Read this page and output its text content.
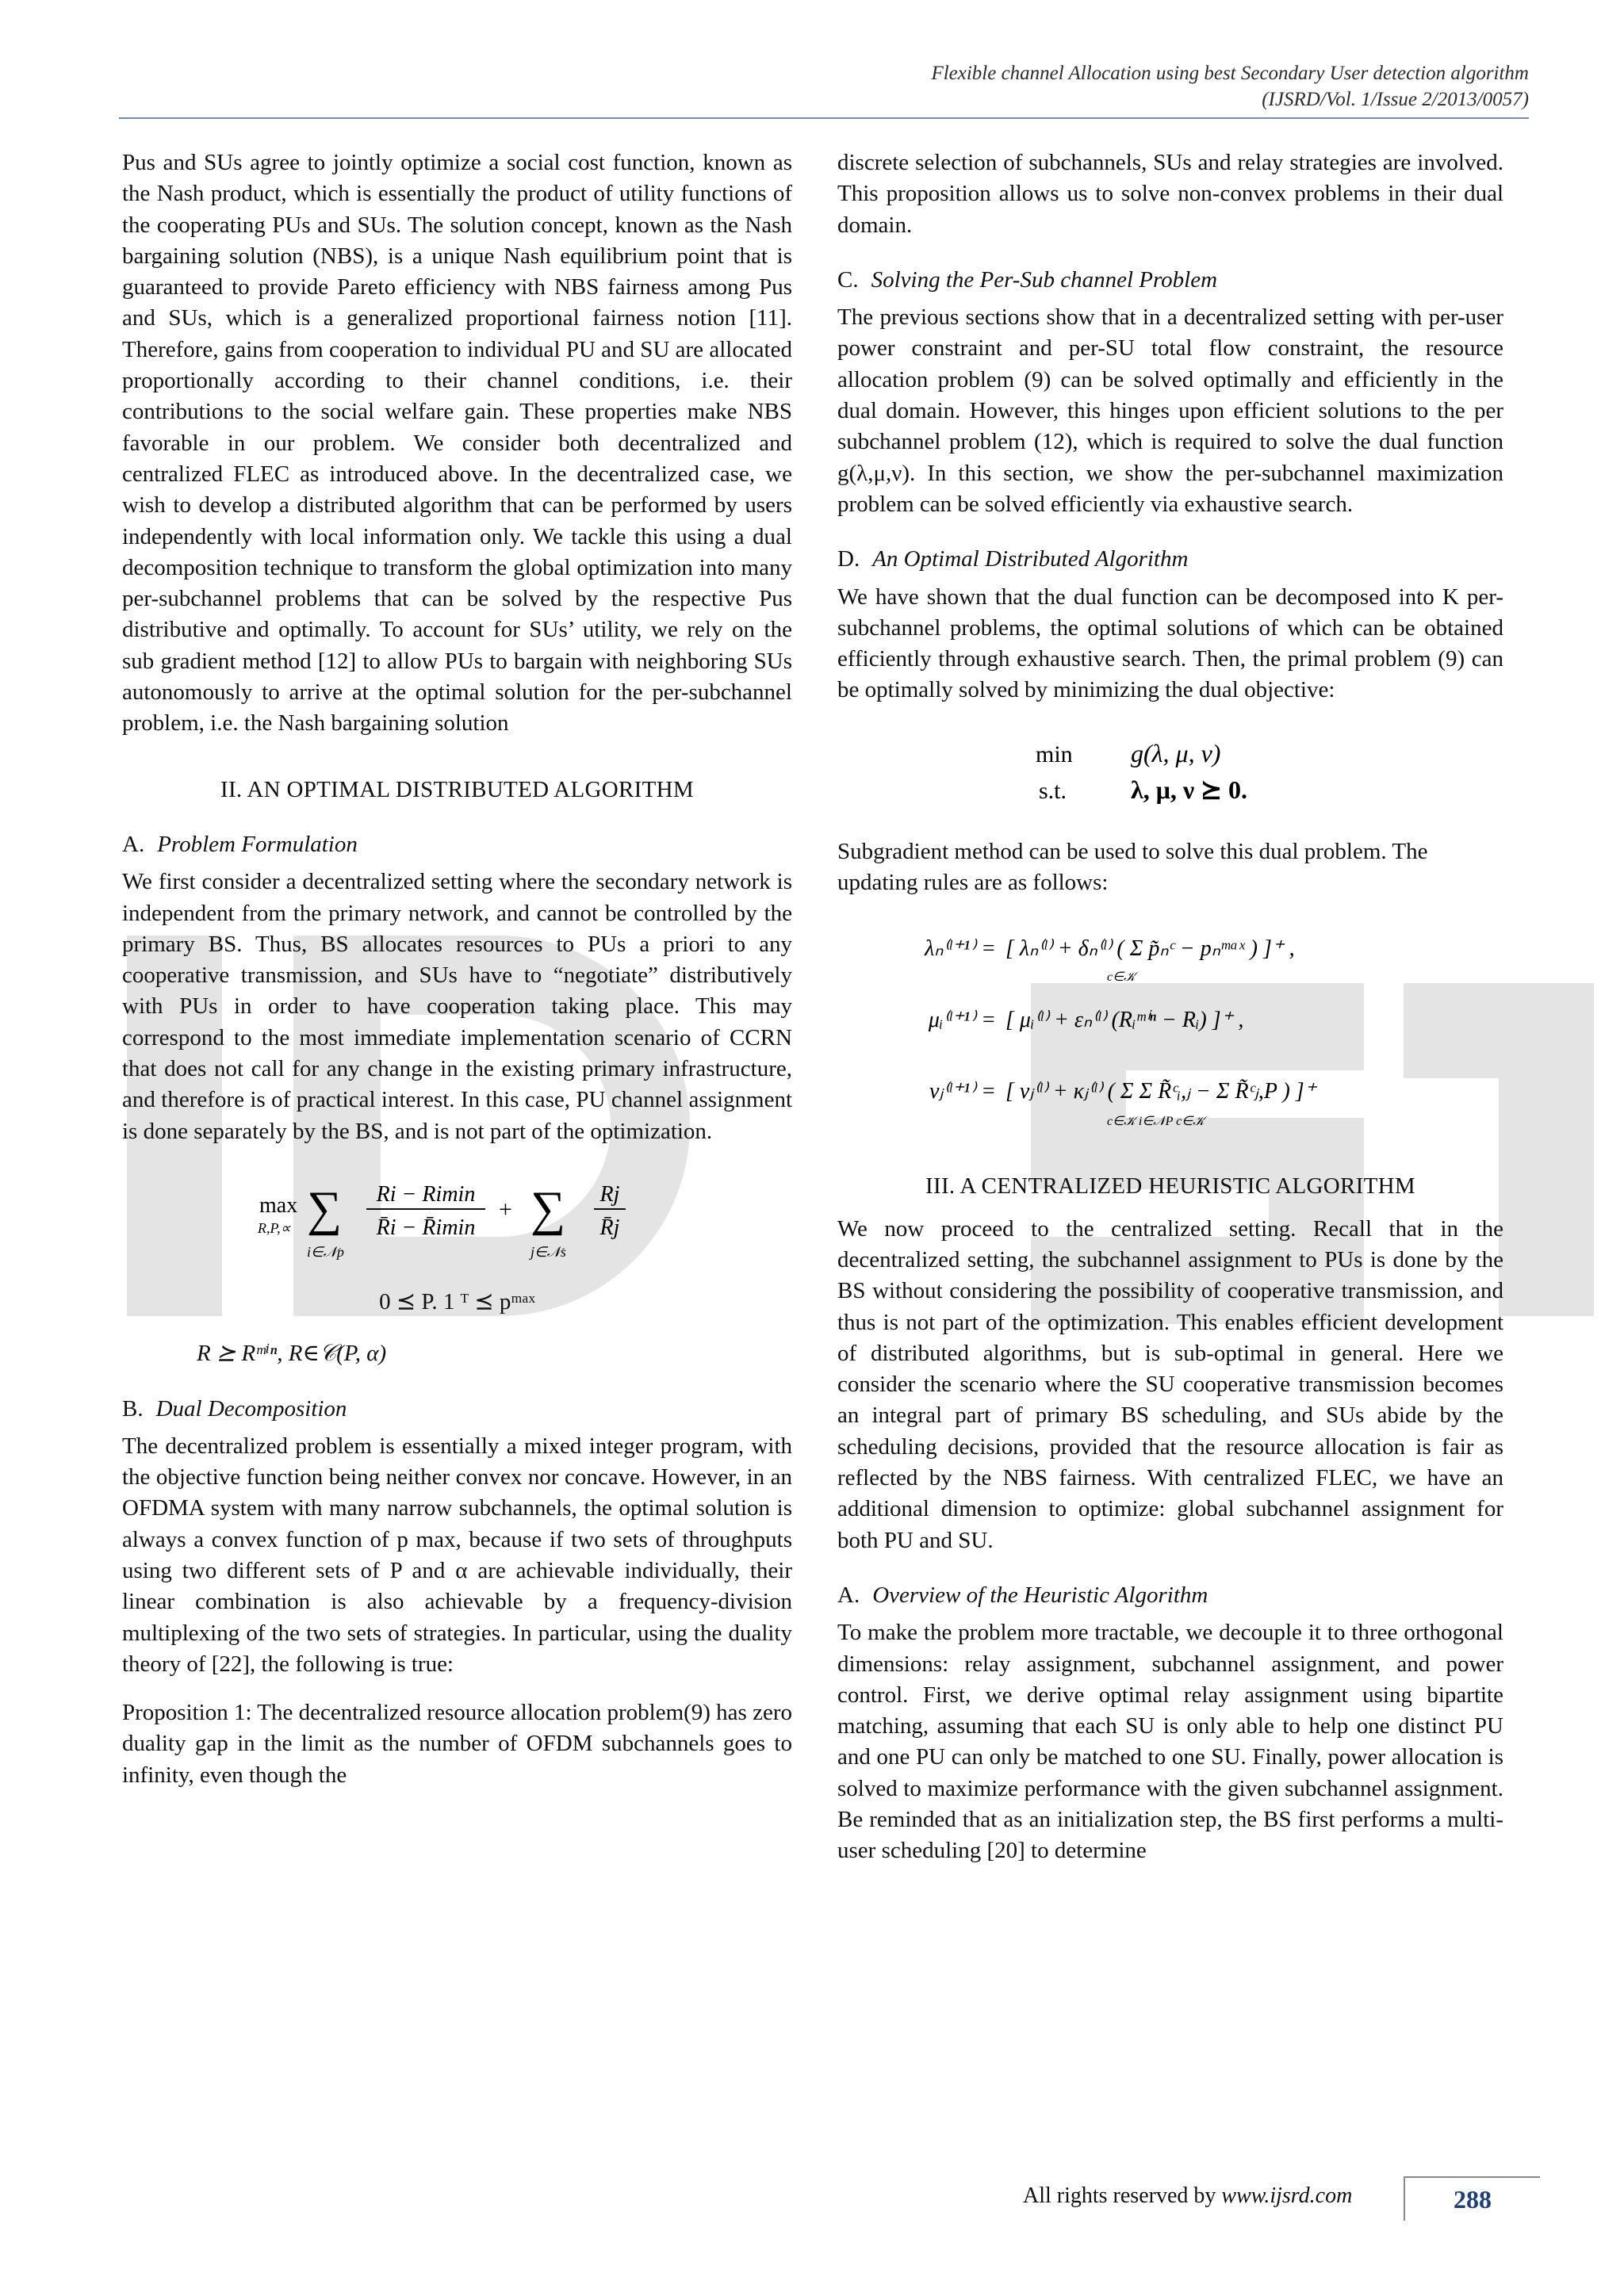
Flexible channel Allocation using best Secondary User detection algorithm
(IJSRD/Vol. 1/Issue 2/2013/0057)

Pus and SUs agree to jointly optimize a social cost function, known as the Nash product, which is essentially the product of utility functions of the cooperating PUs and SUs. The solution concept, known as the Nash bargaining solution (NBS), is a unique Nash equilibrium point that is guaranteed to provide Pareto efficiency with NBS fairness among Pus and SUs, which is a generalized proportional fairness notion [11]. Therefore, gains from cooperation to individual PU and SU are allocated proportionally according to their channel conditions, i.e. their contributions to the social welfare gain. These properties make NBS favorable in our problem. We consider both decentralized and centralized FLEC as introduced above. In the decentralized case, we wish to develop a distributed algorithm that can be performed by users independently with local information only. We tackle this using a dual decomposition technique to transform the global optimization into many per-subchannel problems that can be solved by the respective Pus distributive and optimally. To account for SUs’ utility, we rely on the sub gradient method [12] to allow PUs to bargain with neighboring SUs autonomously to arrive at the optimal solution for the per-subchannel problem, i.e. the Nash bargaining solution

II. AN OPTIMAL DISTRIBUTED ALGORITHM
A. Problem Formulation

We first consider a decentralized setting where the secondary network is independent from the primary network, and cannot be controlled by the primary BS. Thus, BS allocates resources to PUs a priori to any cooperative transmission, and SUs have to “negotiate” distributively with PUs in order to have cooperation taking place. This may correspond to the most immediate implementation scenario of CCRN that does not call for any change in the existing primary infrastructure, and therefore is of practical interest. In this case, PU channel assignment is done separately by the BS, and is not part of the optimization.

max
R,P,∝ ∑
i∈𝒩p
Ri − Rimin
R̄i − R̄imin
+ ∑
j∈𝒩s
Rj
R̄j
0 ⪯ P. 1 ᵀ ⪯ pᵐᵃˣ
R ⪰ Rᵐⁱⁿ, R∈𝒞(P, α)
B. Dual Decomposition

The decentralized problem is essentially a mixed integer program, with the objective function being neither convex nor concave. However, in an OFDMA system with many narrow subchannels, the optimal solution is always a convex function of p max, because if two sets of throughputs using two different sets of P and α are achievable individually, their linear combination is also achievable by a frequency-division multiplexing of the two sets of strategies. In particular, using the duality theory of [22], the following is true:

Proposition 1: The decentralized resource allocation problem(9) has zero duality gap in the limit as the number of OFDM subchannels goes to infinity, even though the

discrete selection of subchannels, SUs and relay strategies are involved. This proposition allows us to solve non-convex problems in their dual domain.

C. Solving the Per-Sub channel Problem

The previous sections show that in a decentralized setting with per-user power constraint and per-SU total flow constraint, the resource allocation problem (9) can be solved optimally and efficiently in the dual domain. However, this hinges upon efficient solutions to the per subchannel problem (12), which is required to solve the dual function g(λ,μ,ν). In this section, we show the per-subchannel maximization problem can be solved efficiently via exhaustive search.

D. An Optimal Distributed Algorithm

We have shown that the dual function can be decomposed into K per-subchannel problems, the optimal solutions of which can be obtained efficiently through exhaustive search. Then, the primal problem (9) can be optimally solved by minimizing the dual objective:

min g(λ, μ, ν)
s.t.	λ, μ, ν ⪰ 0.

Subgradient method can be used to solve this dual problem. The updating rules are as follows:

λₙ⁽ˡ⁺¹⁾ = [ λₙ⁽ˡ⁾ + δₙ⁽ˡ⁾ ( Σ p̃ₙᶜ − pₙᵐᵃˣ ) ]⁺ ,
c∈𝒦
μᵢ⁽ˡ⁺¹⁾ = [ μᵢ⁽ˡ⁾ + εₙ⁽ˡ⁾ (Rᵢᵐⁱⁿ − Rᵢ) ]⁺ ,
νⱼ⁽ˡ⁺¹⁾ = [ νⱼ⁽ˡ⁾ + κⱼ⁽ˡ⁾ ( Σ Σ R̃ᶜᵢ,ⱼ − Σ R̃ᶜⱼ,P ) ]⁺
c∈𝒦 i∈𝒩P c∈𝒦
III. A CENTRALIZED HEURISTIC ALGORITHM

We now proceed to the centralized setting. Recall that in the decentralized setting, the subchannel assignment to PUs is done by the BS without considering the possibility of cooperative transmission, and thus is not part of the optimization. This enables efficient development of distributed algorithms, but is sub-optimal in general. Here we consider the scenario where the SU cooperative transmission becomes an integral part of primary BS scheduling, and SUs abide by the scheduling decisions, provided that the resource allocation is fair as reflected by the NBS fairness. With centralized FLEC, we have an additional dimension to optimize: global subchannel assignment for both PU and SU.

A. Overview of the Heuristic Algorithm

To make the problem more tractable, we decouple it to three orthogonal dimensions: relay assignment, subchannel assignment, and power control. First, we derive optimal relay assignment using bipartite matching, assuming that each SU is only able to help one distinct PU and one PU can only be matched to one SU. Finally, power allocation is solved to maximize performance with the given subchannel assignment. Be reminded that as an initialization step, the BS first performs a multi-user scheduling [20] to determine

All rights reserved by www.ijsrd.com	288
